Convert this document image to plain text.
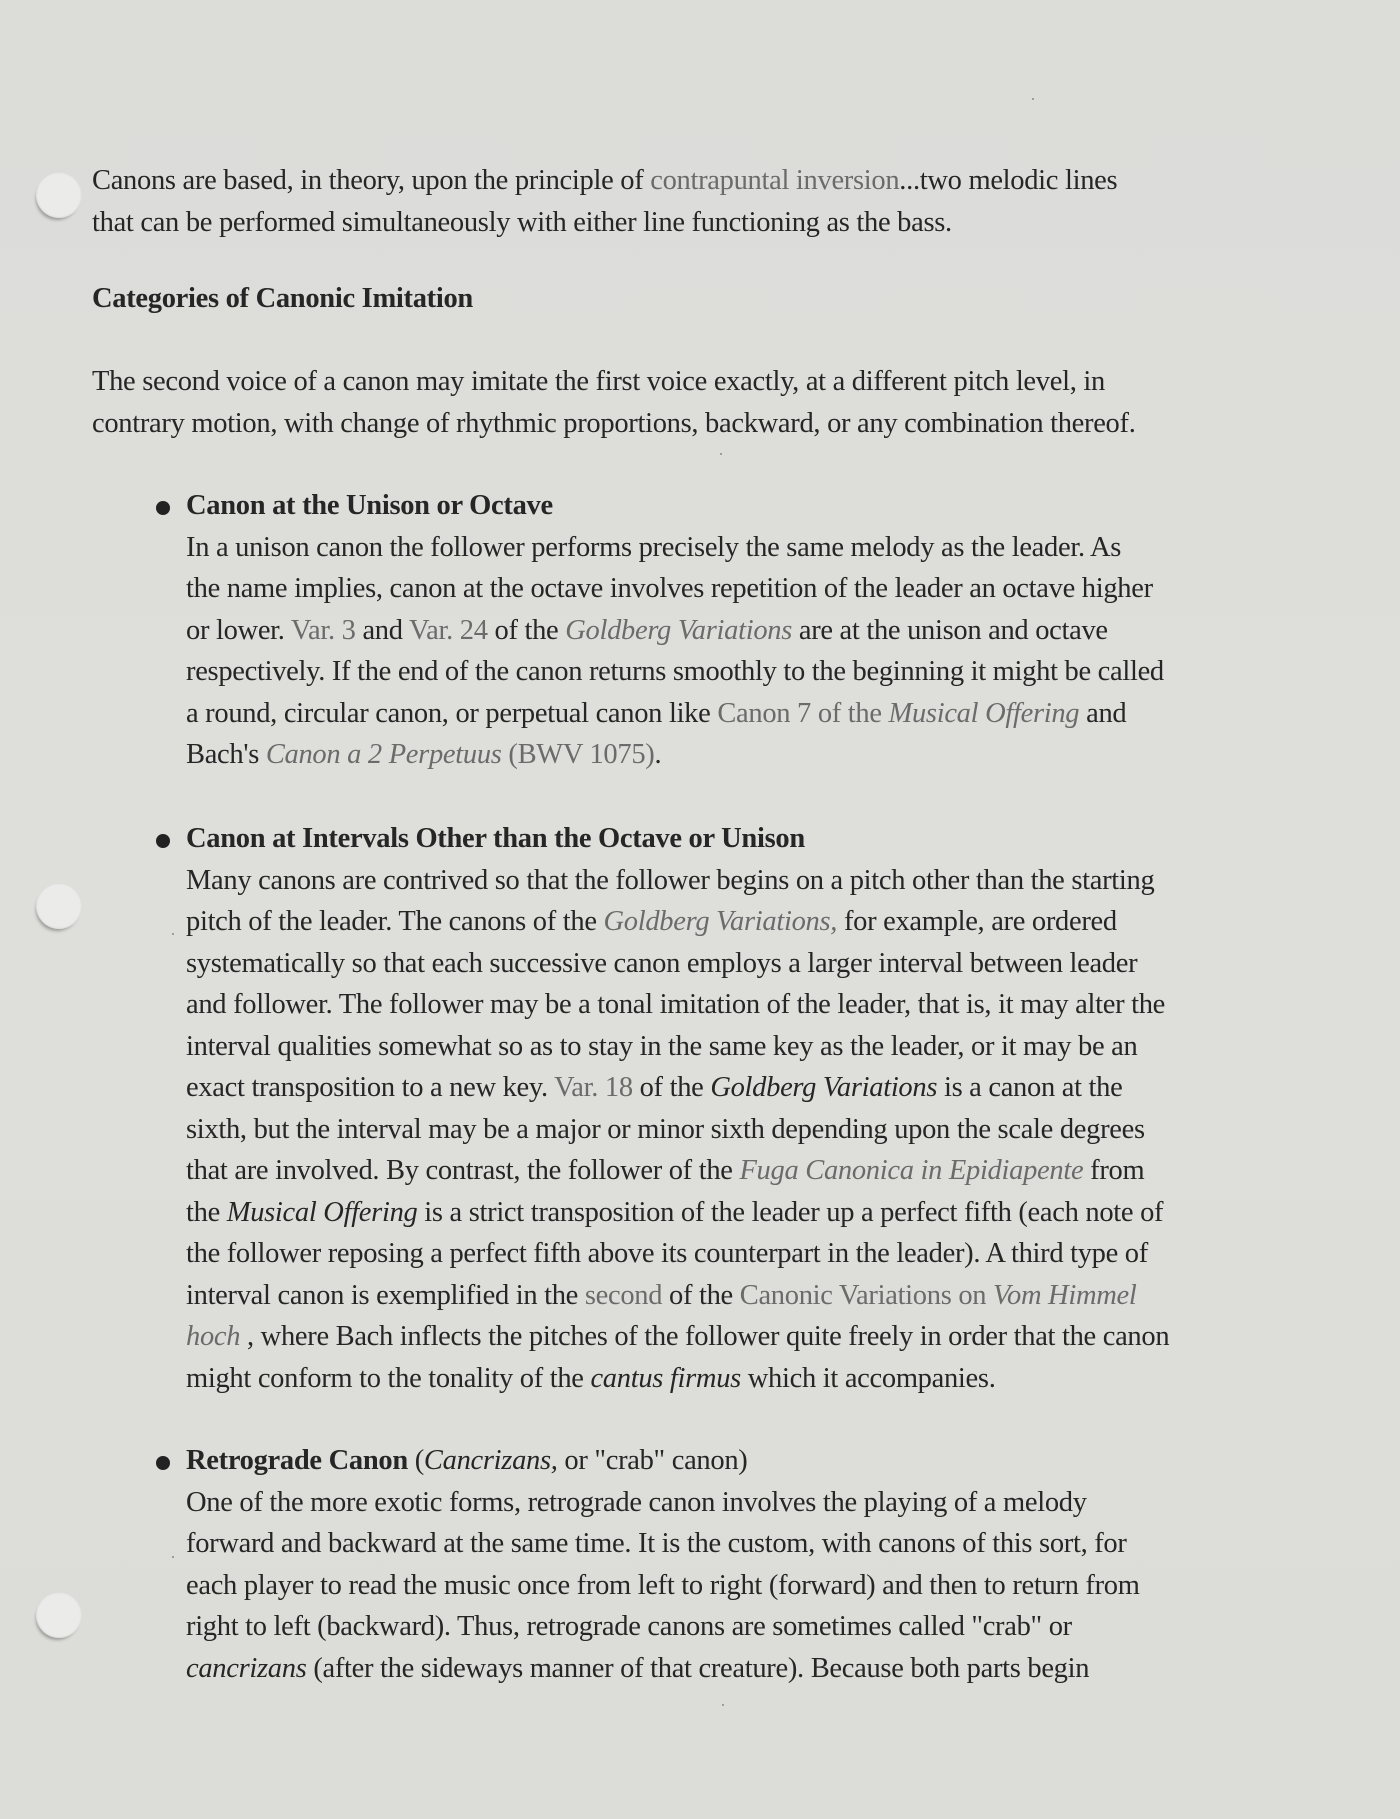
Canons are based, in theory, upon the principle of contrapuntal inversion...two melodic lines
that can be performed simultaneously with either line functioning as the bass.
Categories of Canonic Imitation
The second voice of a canon may imitate the first voice exactly, at a different pitch level, in
contrary motion, with change of rhythmic proportions, backward, or any combination thereof.
Canon at the Unison or Octave
In a unison canon the follower performs precisely the same melody as the leader. As
the name implies, canon at the octave involves repetition of the leader an octave higher
or lower. Var. 3 and Var. 24 of the Goldberg Variations are at the unison and octave
respectively. If the end of the canon returns smoothly to the beginning it might be called
a round, circular canon, or perpetual canon like Canon 7 of the Musical Offering and
Bach's Canon a 2 Perpetuus (BWV 1075).
Canon at Intervals Other than the Octave or Unison
Many canons are contrived so that the follower begins on a pitch other than the starting
pitch of the leader. The canons of the Goldberg Variations, for example, are ordered
systematically so that each successive canon employs a larger interval between leader
and follower. The follower may be a tonal imitation of the leader, that is, it may alter the
interval qualities somewhat so as to stay in the same key as the leader, or it may be an
exact transposition to a new key. Var. 18 of the Goldberg Variations is a canon at the
sixth, but the interval may be a major or minor sixth depending upon the scale degrees
that are involved. By contrast, the follower of the Fuga Canonica in Epidiapente from
the Musical Offering is a strict transposition of the leader up a perfect fifth (each note of
the follower reposing a perfect fifth above its counterpart in the leader). A third type of
interval canon is exemplified in the second of the Canonic Variations on Vom Himmel
hoch , where Bach inflects the pitches of the follower quite freely in order that the canon
might conform to the tonality of the cantus firmus which it accompanies.
Retrograde Canon (Cancrizans, or "crab" canon)
One of the more exotic forms, retrograde canon involves the playing of a melody
forward and backward at the same time. It is the custom, with canons of this sort, for
each player to read the music once from left to right (forward) and then to return from
right to left (backward). Thus, retrograde canons are sometimes called "crab" or
cancrizans (after the sideways manner of that creature). Because both parts begin
